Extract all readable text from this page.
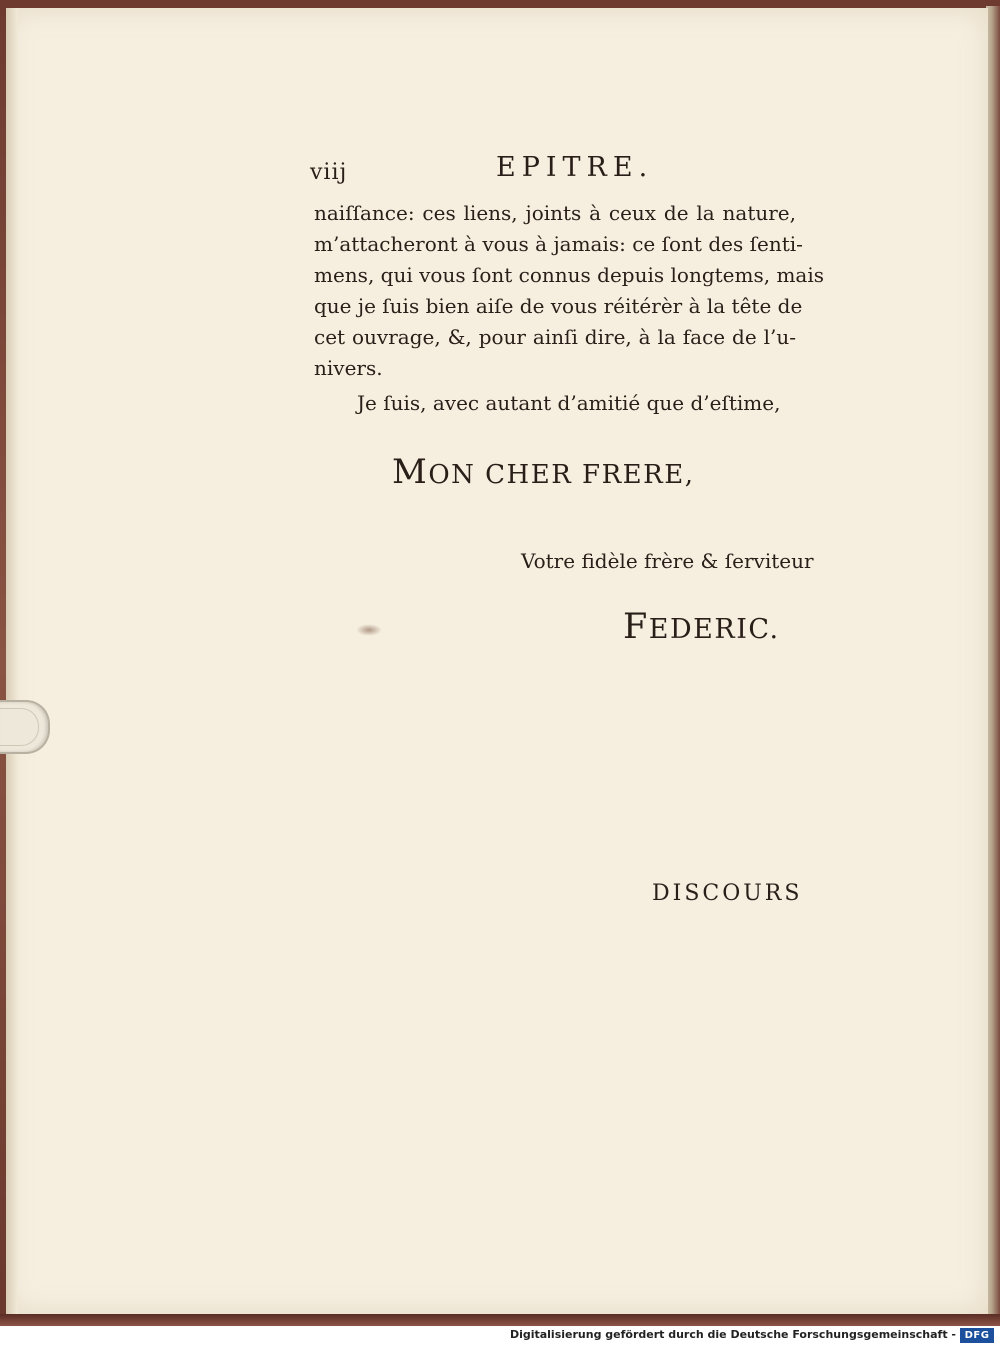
viij	EPITRE.
naiſſance: ces liens, joints à ceux de la nature,
m’attacheront à vous à jamais: ce ſont des ſenti-
mens, qui vous ſont connus depuis longtems, mais
que je ſuis bien aiſe de vous réitérèr à la tête de
cet ouvrage, &, pour ainſi dire, à la face de l’u-
nivers.
Je ſuis, avec autant d’amitié que d’eſtime,
MON CHER FRERE,
Votre fidèle frère & ſerviteur
FEDERIC.
DISCOURS
Digitalisierung gefördert durch die Deutsche Forschungsgemeinschaft - DFG
